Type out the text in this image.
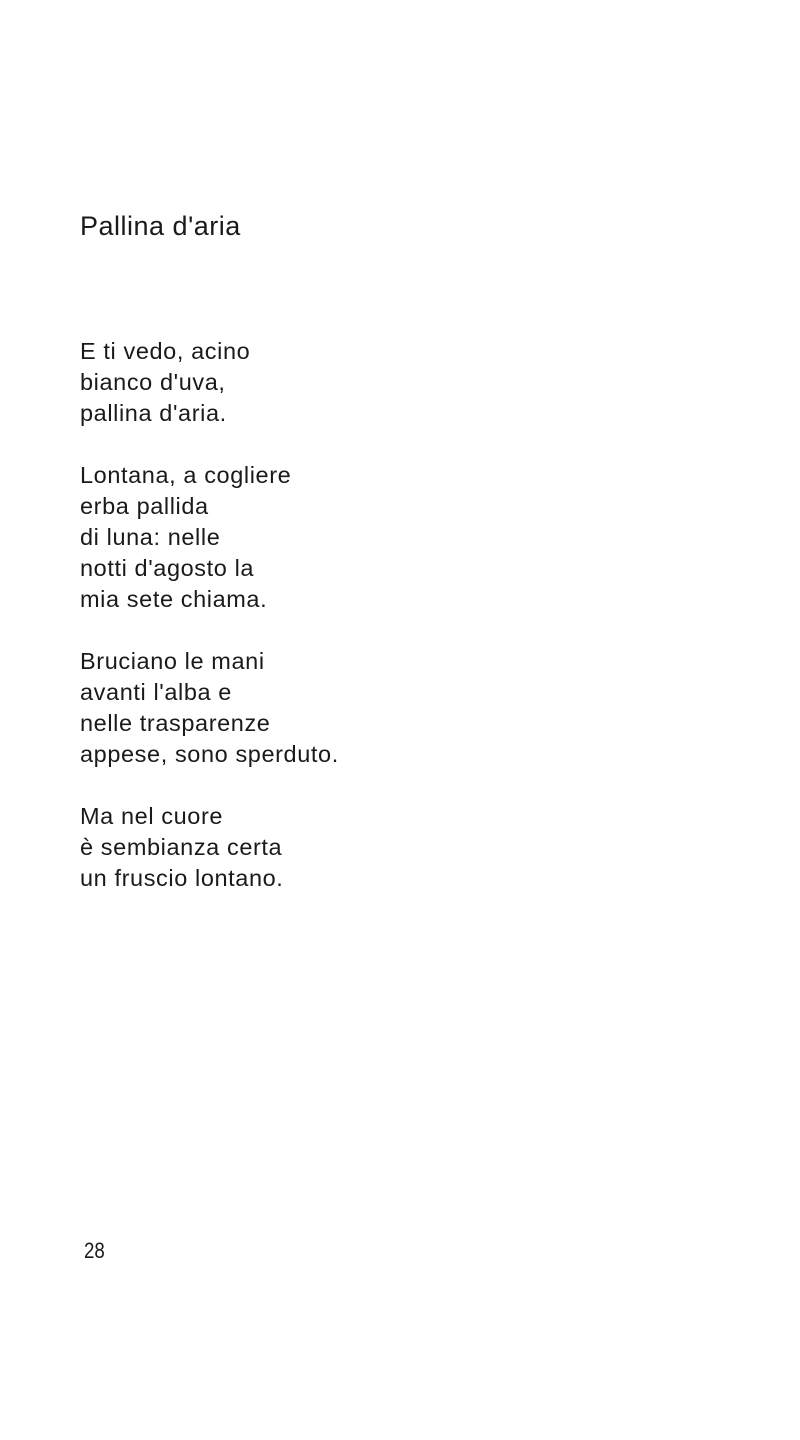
Pallina d'aria

E ti vedo, acino
bianco d'uva,
pallina d'aria.

Lontana, a cogliere
erba pallida
di luna: nelle
notti d'agosto la
mia sete chiama.

Bruciano le mani
avanti l'alba e
nelle trasparenze
appese, sono sperduto.

Ma nel cuore
è sembianza certa
un fruscio lontano.

28
